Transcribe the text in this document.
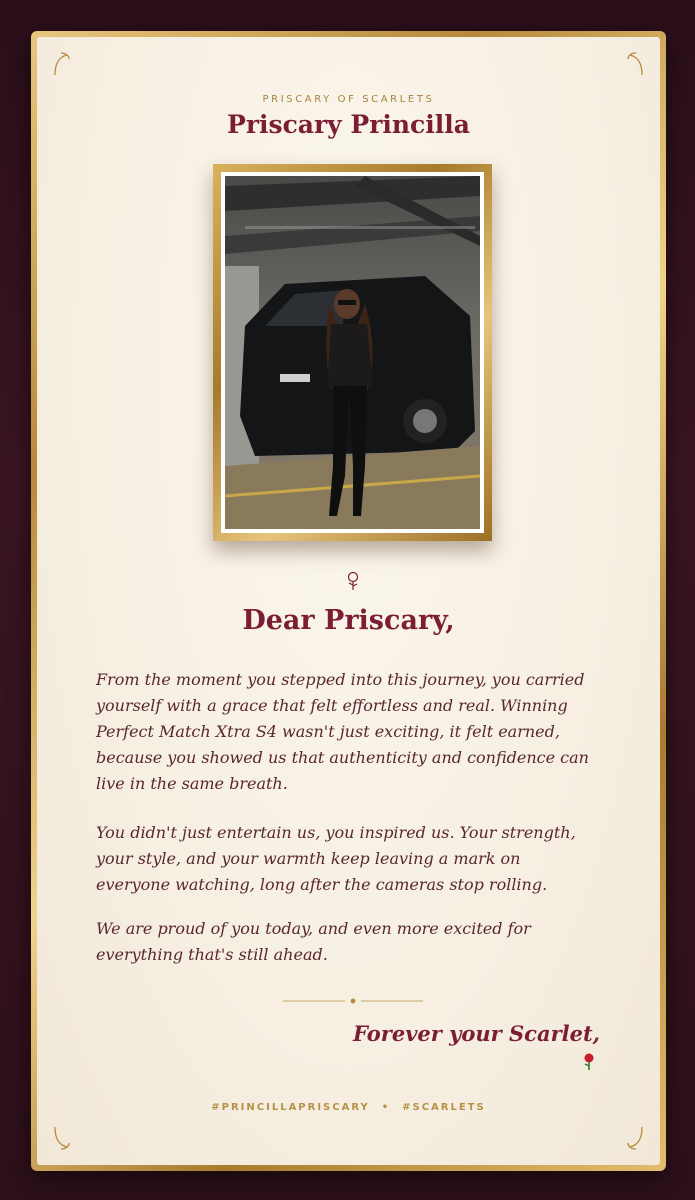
PRISCARY OF SCARLETS
Priscary Princilla
Dear Priscary,
From the moment you stepped into this journey, you carried yourself with a grace that felt effortless and real. Winning Perfect Match Xtra S4 wasn't just exciting, it felt earned, because you showed us that authenticity and confidence can live in the same breath.
You didn't just entertain us, you inspired us. Your strength, your style, and your warmth keep leaving a mark on everyone watching, long after the cameras stop rolling.
We are proud of you today, and even more excited for everything that's still ahead.
Forever your Scarlet,
#PRINCILLAPRISCARY • #SCARLETS
